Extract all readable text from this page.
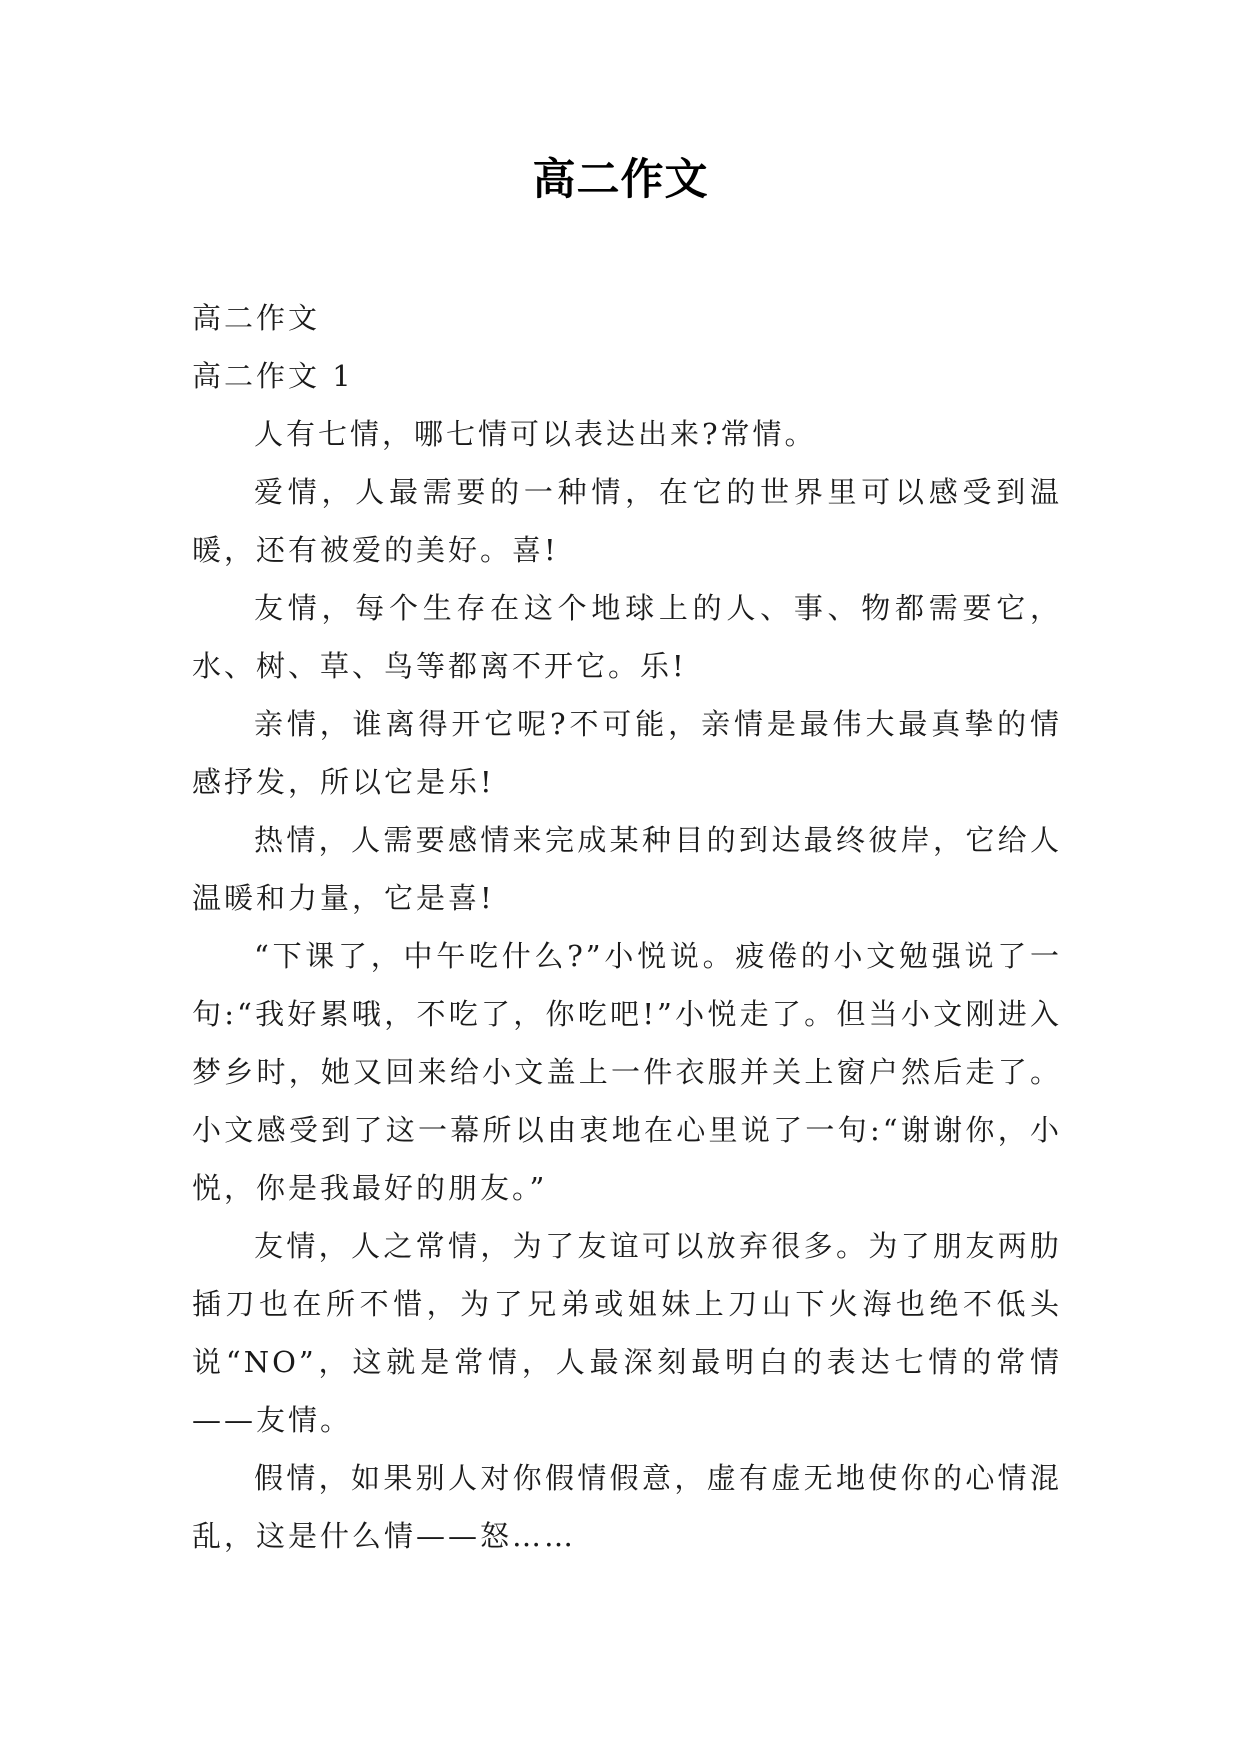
高二作文

高二作文

高二作文 1

人有七情，哪七情可以表达出来?常情。

爱情，人最需要的一种情，在它的世界里可以感受到温暖，还有被爱的美好。喜!

友情，每个生存在这个地球上的人、事、物都需要它，水、树、草、鸟等都离不开它。乐!

亲情，谁离得开它呢?不可能，亲情是最伟大最真挚的情感抒发，所以它是乐!

热情，人需要感情来完成某种目的到达最终彼岸，它给人温暖和力量，它是喜!

“下课了，中午吃什么?”小悦说。疲倦的小文勉强说了一句:“我好累哦，不吃了，你吃吧!”小悦走了。但当小文刚进入梦乡时，她又回来给小文盖上一件衣服并关上窗户然后走了。小文感受到了这一幕所以由衷地在心里说了一句:“谢谢你，小悦，你是我最好的朋友。”

友情，人之常情，为了友谊可以放弃很多。为了朋友两肋插刀也在所不惜，为了兄弟或姐妹上刀山下火海也绝不低头说“NO”，这就是常情，人最深刻最明白的表达七情的常情——友情。

假情，如果别人对你假情假意，虚有虚无地使你的心情混乱，这是什么情——怒……
